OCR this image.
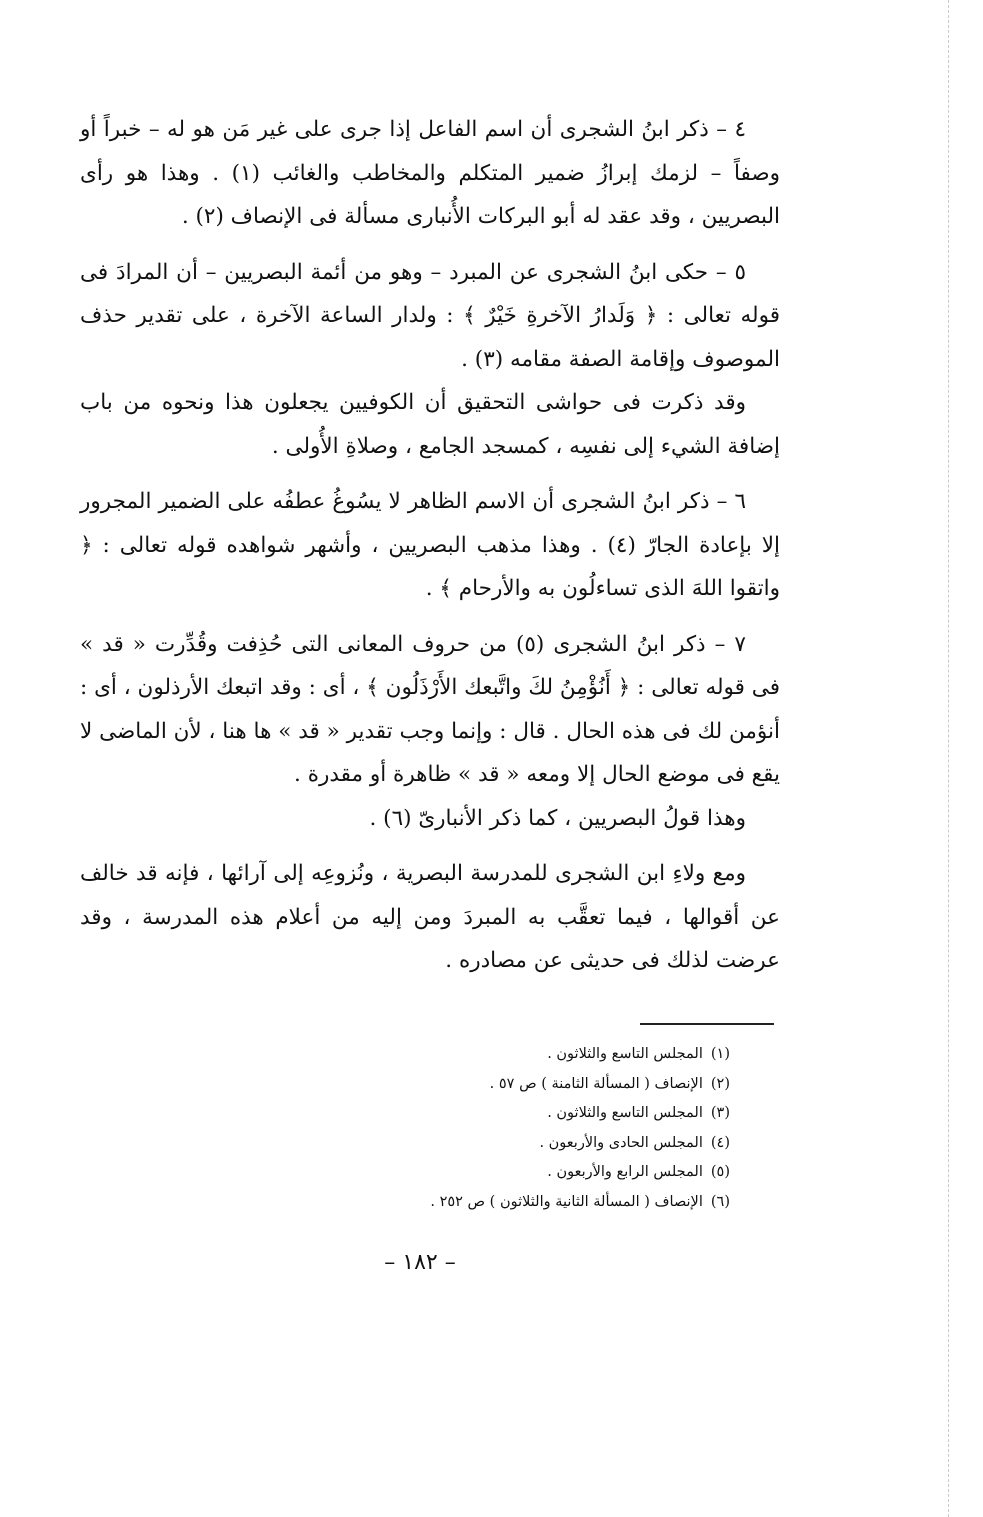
٤ – ذكر ابنُ الشجرى أن اسم الفاعل إذا جرى على غير مَن هو له – خبراً أو وصفاً – لزمك إبرازُ ضمير المتكلم والمخاطب والغائب (١) . وهذا هو رأى البصريين ، وقد عقد له أبو البركات الأُنبارى مسألة فى الإنصاف (٢) .

٥ – حكى ابنُ الشجرى عن المبرد – وهو من أئمة البصريين – أن المرادَ فى قوله تعالى : ﴿ وَلَدارُ الآخرةِ خَيْرٌ ﴾ : ولدار الساعة الآخرة ، على تقدير حذف الموصوف وإقامة الصفة مقامه (٣) .

وقد ذكرت فى حواشى التحقيق أن الكوفيين يجعلون هذا ونحوه من باب إضافة الشيء إلى نفسِه ، كمسجد الجامع ، وصلاةِ الأُولى .

٦ – ذكر ابنُ الشجرى أن الاسم الظاهر لا يسُوغُ عطفُه على الضمير المجرور إلا بإعادة الجارّ (٤) . وهذا مذهب البصريين ، وأشهر شواهده قوله تعالى : ﴿ واتقوا اللهَ الذى تساءلُون به والأرحام ﴾ .

٧ – ذكر ابنُ الشجرى (٥) من حروف المعانى التى حُذِفت وقُدِّرت « قد » فى قوله تعالى : ﴿ أَنُؤْمِنُ لكَ واتَّبعك الأَرْذَلُون ﴾ ، أى : وقد اتبعك الأرذلون ، أى : أنؤمن لك فى هذه الحال . قال : وإنما وجب تقدير « قد » ها هنا ، لأن الماضى لا يقع فى موضع الحال إلا ومعه « قد » ظاهرة أو مقدرة .

وهذا قولُ البصريين ، كما ذكر الأنبارىّ (٦) .

ومع ولاءِ ابن الشجرى للمدرسة البصرية ، ونُزوعِه إلى آرائها ، فإنه قد خالف عن أقوالها ، فيما تعقَّب به المبردَ ومن إليه من أعلام هذه المدرسة ، وقد عرضت لذلك فى حديثى عن مصادره .

(١)المجلس التاسع والثلاثون .
(٢)الإنصاف ( المسألة الثامنة ) ص ٥٧ .
(٣)المجلس التاسع والثلاثون .
(٤)المجلس الحادى والأربعون .
(٥)المجلس الرابع والأربعون .
(٦)الإنصاف ( المسألة الثانية والثلاثون ) ص ٢٥٢ .
– ١٨٢ –
